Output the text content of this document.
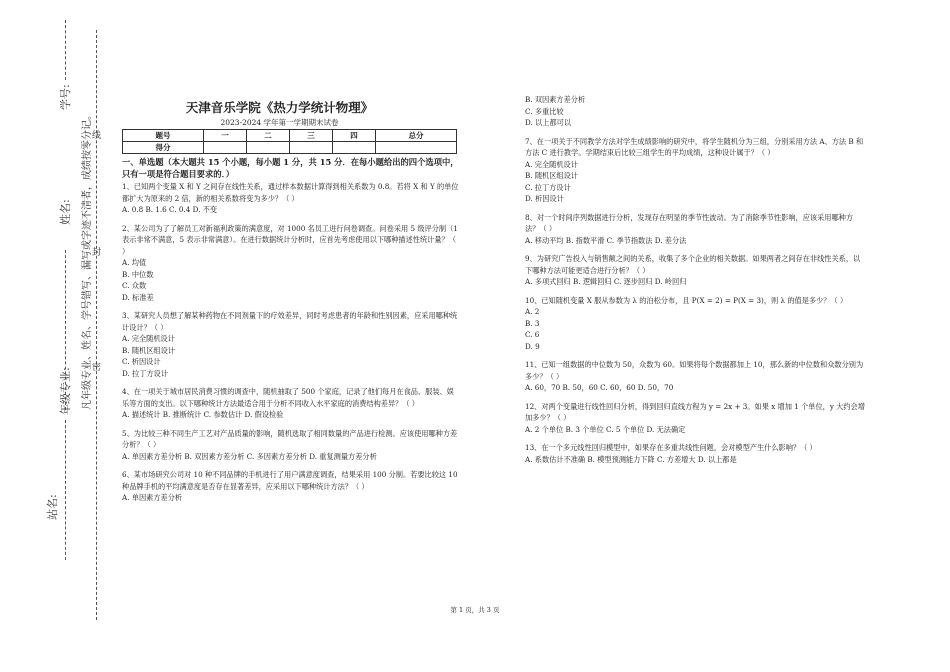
站名:
年级专业:
姓名:
学号:
凡年级专业、姓名、学号错写、漏写或字迹不清者，成绩按零分记。 密
封
线
天津音乐学院《热力学统计物理》
2023-2024 学年第一学期期末试卷
题号	一	二	三	四	总分
得分					
一、单选题（本大题共 15 个小题，每小题 1 分，共 15 分．在每小题给出的四个选项中，只有一项是符合题目要求的．）
1、已知两个变量 X 和 Y 之间存在线性关系，通过样本数据计算得到相关系数为 0.8。若将 X 和 Y 的单位都扩大为原来的 2 倍，新的相关系数将变为多少？（ ）
A. 0.8 B. 1.6 C. 0.4 D. 不变
2、某公司为了了解员工对新福利政策的满意度，对 1000 名员工进行问卷调查。问卷采用 5 级评分制（1 表示非常不满意，5 表示非常满意）。在进行数据统计分析时，应首先考虑使用以下哪种描述性统计量？（ ）
A. 均值
B. 中位数
C. 众数
D. 标准差
3、某研究人员想了解某种药物在不同剂量下的疗效差异，同时考虑患者的年龄和性别因素，应采用哪种统计设计？（ ）
A. 完全随机设计
B. 随机区组设计
C. 析因设计
D. 拉丁方设计
4、在一项关于城市居民消费习惯的调查中，随机抽取了 500 个家庭，记录了他们每月在食品、服装、娱乐等方面的支出。以下哪种统计方法最适合用于分析不同收入水平家庭的消费结构差异？（ ）
A. 描述统计 B. 推断统计 C. 参数估计 D. 假设检验
5、为比较三种不同生产工艺对产品质量的影响，随机选取了相同数量的产品进行检测。应该使用哪种方差分析？（ ）
A. 单因素方差分析 B. 双因素方差分析 C. 多因素方差分析 D. 重复测量方差分析
6、某市场研究公司对 10 种不同品牌的手机进行了用户满意度调查，结果采用 100 分制。若要比较这 10 种品牌手机的平均满意度是否存在显著差异，应采用以下哪种统计方法？（ ）
A. 单因素方差分析
B. 双因素方差分析
C. 多重比较
D. 以上都可以
7、在一项关于不同教学方法对学生成绩影响的研究中，将学生随机分为三组，分别采用方法 A、方法 B 和方法 C 进行教学。学期结束后比较三组学生的平均成绩，这种设计属于？（ ）
A. 完全随机设计
B. 随机区组设计
C. 拉丁方设计
D. 析因设计
8、对一个时间序列数据进行分析，发现存在明显的季节性波动。为了消除季节性影响，应该采用哪种方法？（ ）
A. 移动平均 B. 指数平滑 C. 季节指数法 D. 差分法
9、为研究广告投入与销售额之间的关系，收集了多个企业的相关数据。如果两者之间存在非线性关系，以下哪种方法可能更适合进行分析？（ ）
A. 多项式回归 B. 逻辑回归 C. 逐步回归 D. 岭回归
10、已知随机变量 X 服从参数为 λ 的泊松分布，且 P(X = 2) = P(X = 3)，则 λ 的值是多少？（ ）
A. 2
B. 3
C. 6
D. 9
11、已知一组数据的中位数为 50，众数为 60。如果将每个数据都加上 10，那么新的中位数和众数分别为多少？（ ）
A. 60，70 B. 50，60 C. 60，60 D. 50，70
12、对两个变量进行线性回归分析，得到回归直线方程为 y = 2x + 3。如果 x 增加 1 个单位，y 大约会增加多少？（ ）
A. 2 个单位 B. 3 个单位 C. 5 个单位 D. 无法确定
13、在一个多元线性回归模型中，如果存在多重共线性问题，会对模型产生什么影响？（ ）
A. 系数估计不准确 B. 模型预测能力下降 C. 方差增大 D. 以上都是
第 1 页，共 3 页
